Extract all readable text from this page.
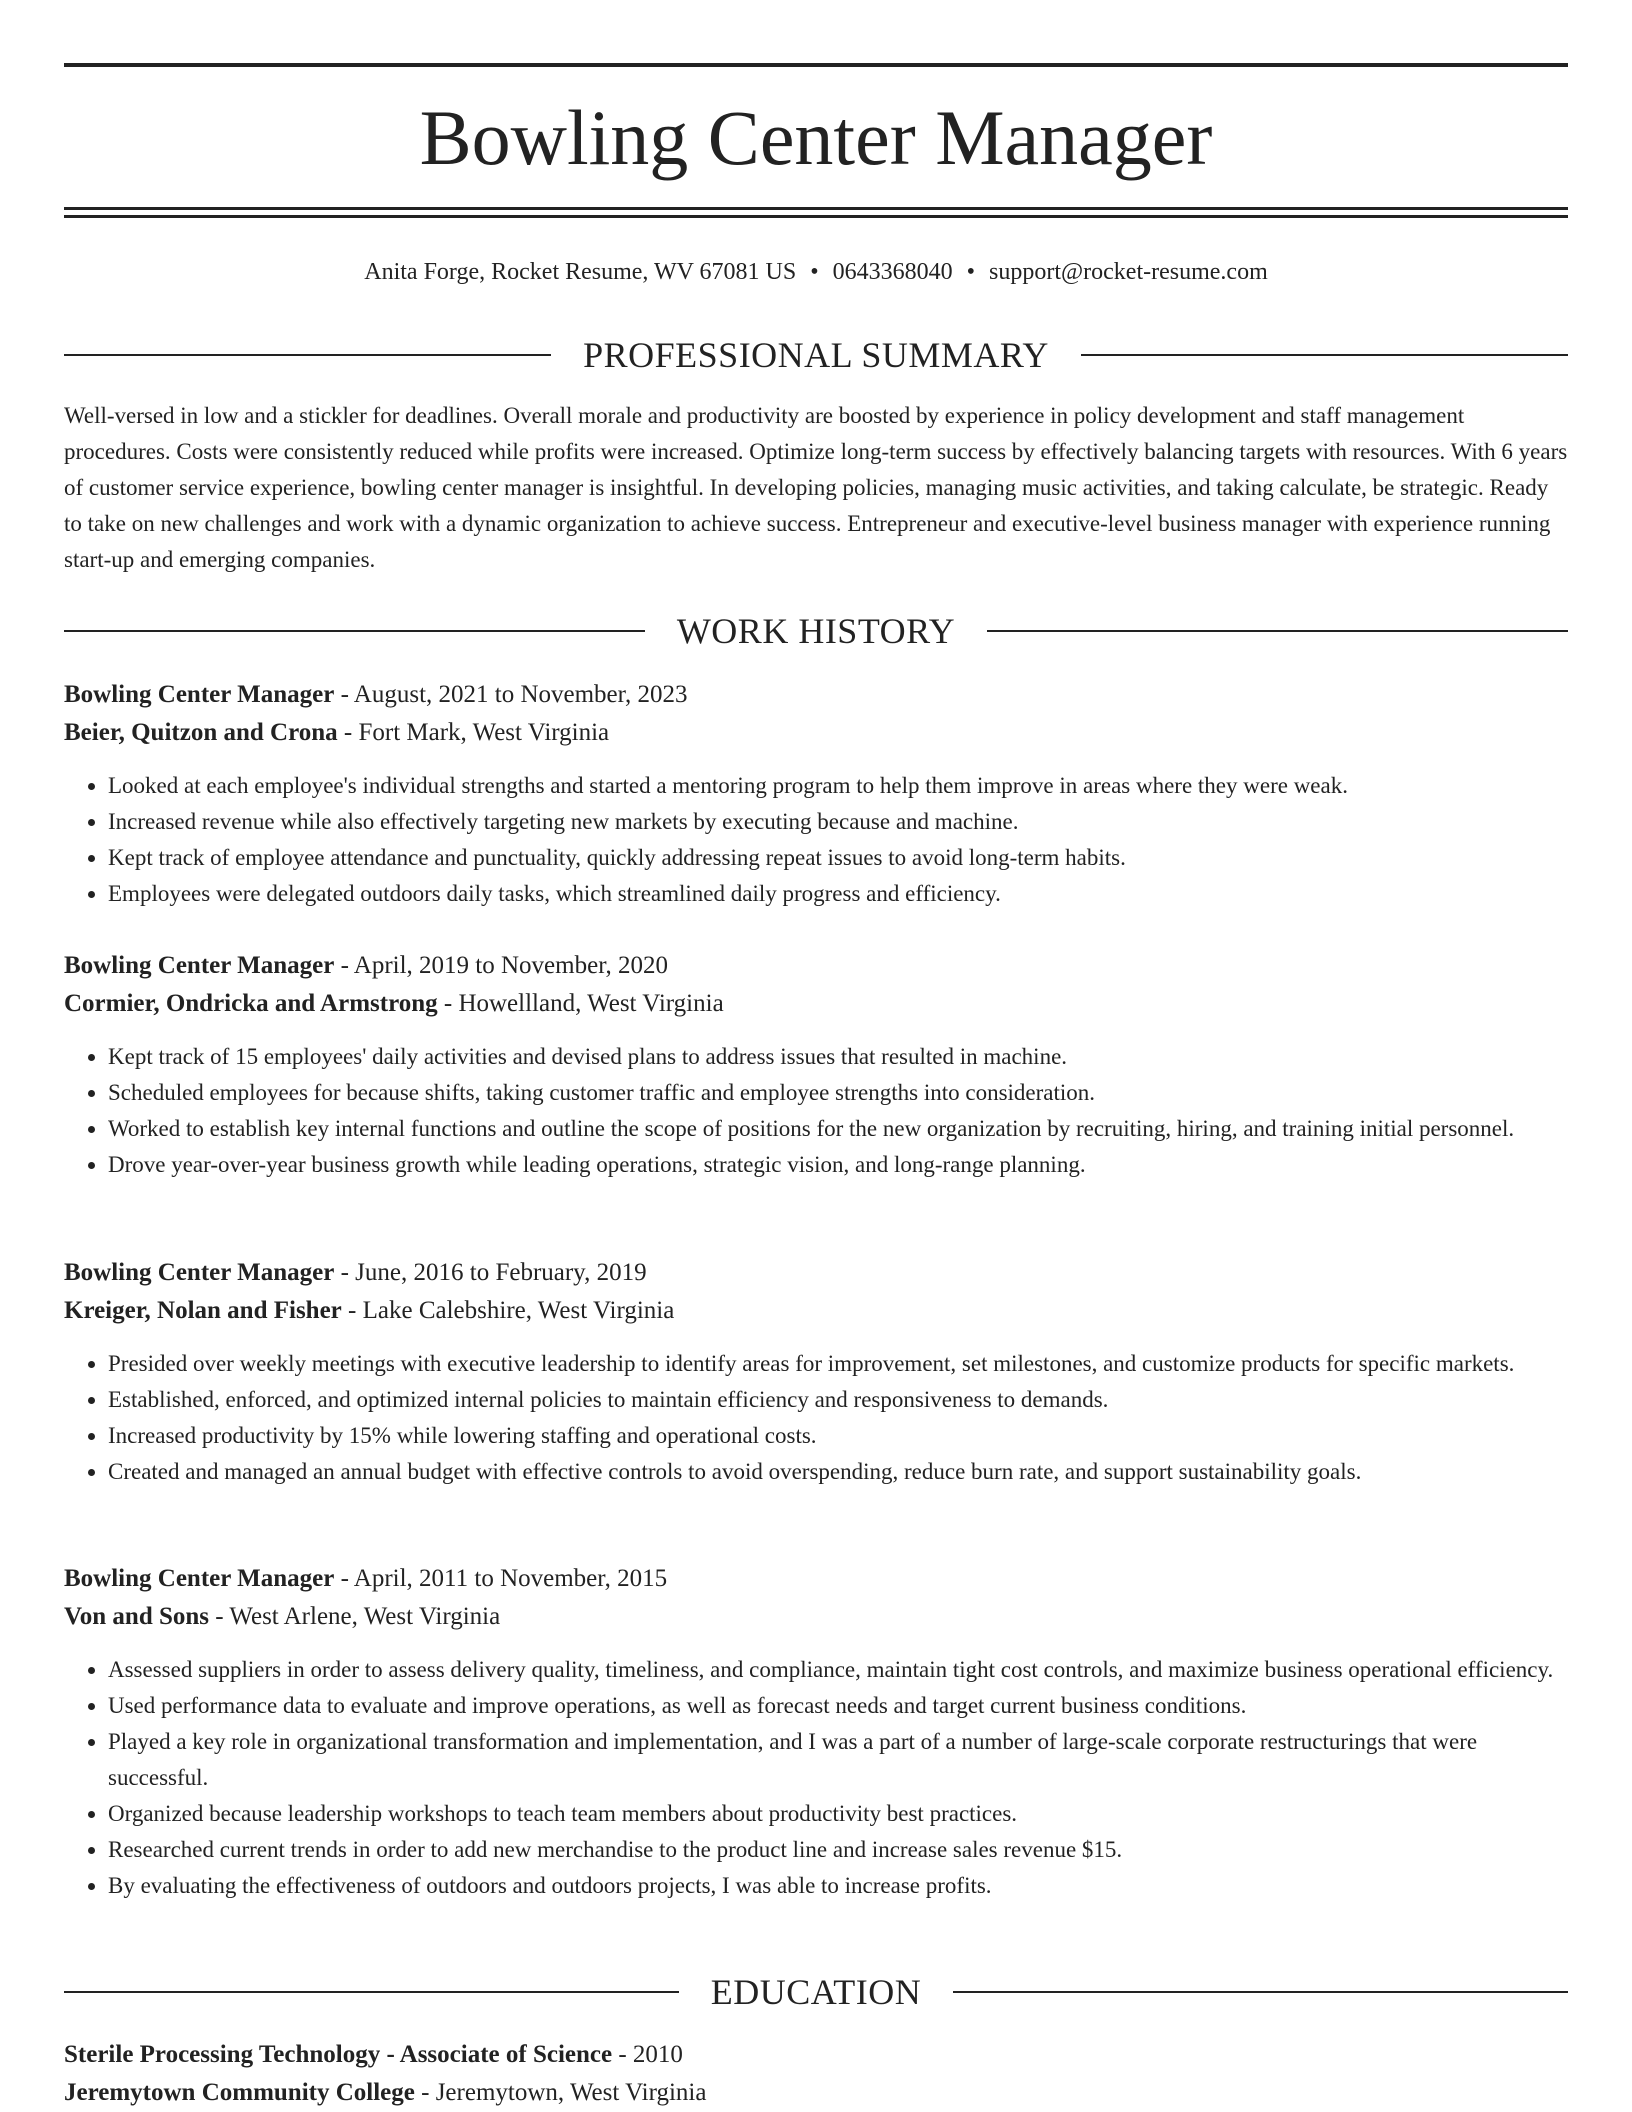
Bowling Center Manager
Anita Forge, Rocket Resume, WV 67081 US • 0643368040 • support@rocket-resume.com
PROFESSIONAL SUMMARY

Well-versed in low and a stickler for deadlines. Overall morale and productivity are boosted by experience in policy development and staff management procedures. Costs were consistently reduced while profits were increased. Optimize long-term success by effectively balancing targets with resources. With 6 years of customer service experience, bowling center manager is insightful. In developing policies, managing music activities, and taking calculate, be strategic. Ready to take on new challenges and work with a dynamic organization to achieve success. Entrepreneur and executive-level business manager with experience running start-up and emerging companies.

WORK HISTORY

Bowling Center Manager - August, 2021 to November, 2023

Beier, Quitzon and Crona - Fort Mark, West Virginia

• Looked at each employee's individual strengths and started a mentoring program to help them improve in areas where they were weak.
• Increased revenue while also effectively targeting new markets by executing because and machine.
• Kept track of employee attendance and punctuality, quickly addressing repeat issues to avoid long-term habits.
• Employees were delegated outdoors daily tasks, which streamlined daily progress and efficiency.

Bowling Center Manager - April, 2019 to November, 2020

Cormier, Ondricka and Armstrong - Howellland, West Virginia

• Kept track of 15 employees' daily activities and devised plans to address issues that resulted in machine.
• Scheduled employees for because shifts, taking customer traffic and employee strengths into consideration.
• Worked to establish key internal functions and outline the scope of positions for the new organization by recruiting, hiring, and training initial personnel.
• Drove year-over-year business growth while leading operations, strategic vision, and long-range planning.

Bowling Center Manager - June, 2016 to February, 2019

Kreiger, Nolan and Fisher - Lake Calebshire, West Virginia

• Presided over weekly meetings with executive leadership to identify areas for improvement, set milestones, and customize products for specific markets.
• Established, enforced, and optimized internal policies to maintain efficiency and responsiveness to demands.
• Increased productivity by 15% while lowering staffing and operational costs.
• Created and managed an annual budget with effective controls to avoid overspending, reduce burn rate, and support sustainability goals.

Bowling Center Manager - April, 2011 to November, 2015

Von and Sons - West Arlene, West Virginia

• Assessed suppliers in order to assess delivery quality, timeliness, and compliance, maintain tight cost controls, and maximize business operational efficiency.
• Used performance data to evaluate and improve operations, as well as forecast needs and target current business conditions.
• Played a key role in organizational transformation and implementation, and I was a part of a number of large-scale corporate restructurings that were successful.
• Organized because leadership workshops to teach team members about productivity best practices.
• Researched current trends in order to add new merchandise to the product line and increase sales revenue $15.
• By evaluating the effectiveness of outdoors and outdoors projects, I was able to increase profits.
EDUCATION

Sterile Processing Technology - Associate of Science - 2010

Jeremytown Community College - Jeremytown, West Virginia
